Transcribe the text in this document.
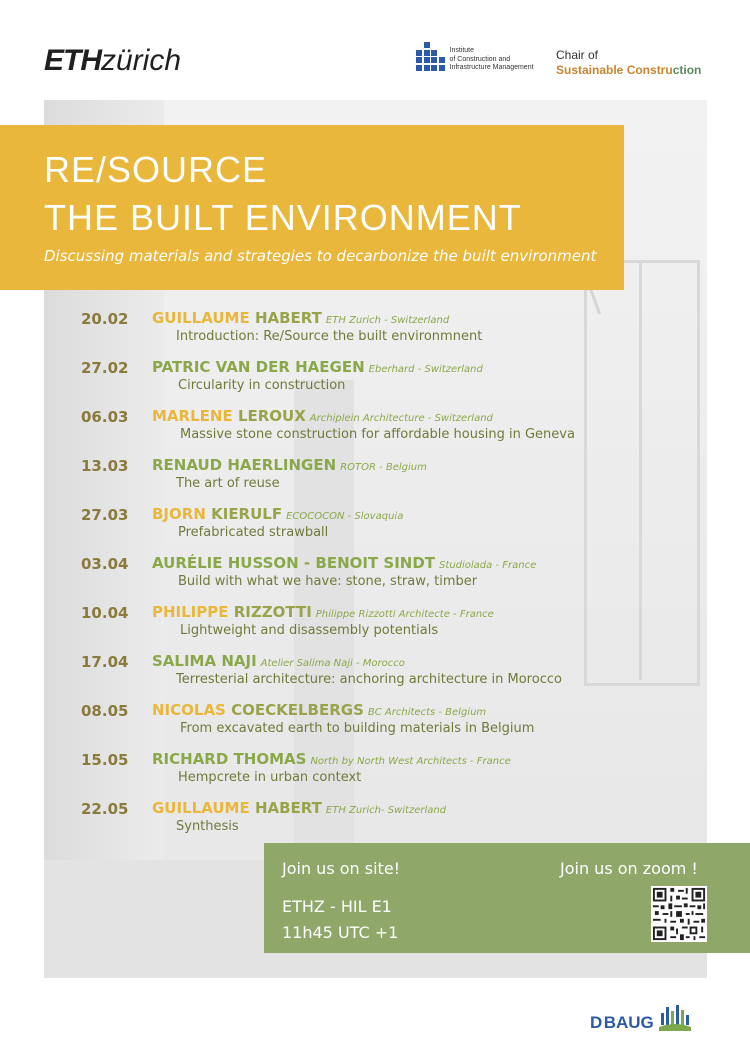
ETHzürich	Institute
of Construction and
Infrastructure Management
Chair of
Sustainable Construction
RE/SOURCE
THE BUILT ENVIRONMENT
Discussing materials and strategies to decarbonize the built environment
20.02 GUILLAUME HABERT ETH Zurich - Switzerland
Introduction: Re/Source the built environmnent
27.02 PATRIC VAN DER HAEGEN Eberhard - Switzerland
Circularity in construction
06.03 MARLENE LEROUX Archiplein Architecture - Switzerland
Massive stone construction for affordable housing in Geneva
13.03 RENAUD HAERLINGEN ROTOR - Belgium
The art of reuse
27.03 BJORN KIERULF ECOCOCON - Slovaquia
Prefabricated strawball
03.04 AURÉLIE HUSSON - BENOIT SINDT Studiolada - France
Build with what we have: stone, straw, timber
10.04 PHILIPPE RIZZOTTI Philippe Rizzotti Architecte - France
Lightweight and disassembly potentials
17.04 SALIMA NAJI Atelier Salima Naji - Morocco
Terresterial architecture: anchoring architecture in Morocco
08.05 NICOLAS COECKELBERGS BC Architects - Belgium
From excavated earth to building materials in Belgium
15.05 RICHARD THOMAS North by North West Architects - France
Hempcrete in urban context
22.05 GUILLAUME HABERT ETH Zurich- Switzerland
Synthesis
Join us on site!
ETHZ - HIL E1
11h45 UTC +1
Join us on zoom !
D BAUG
